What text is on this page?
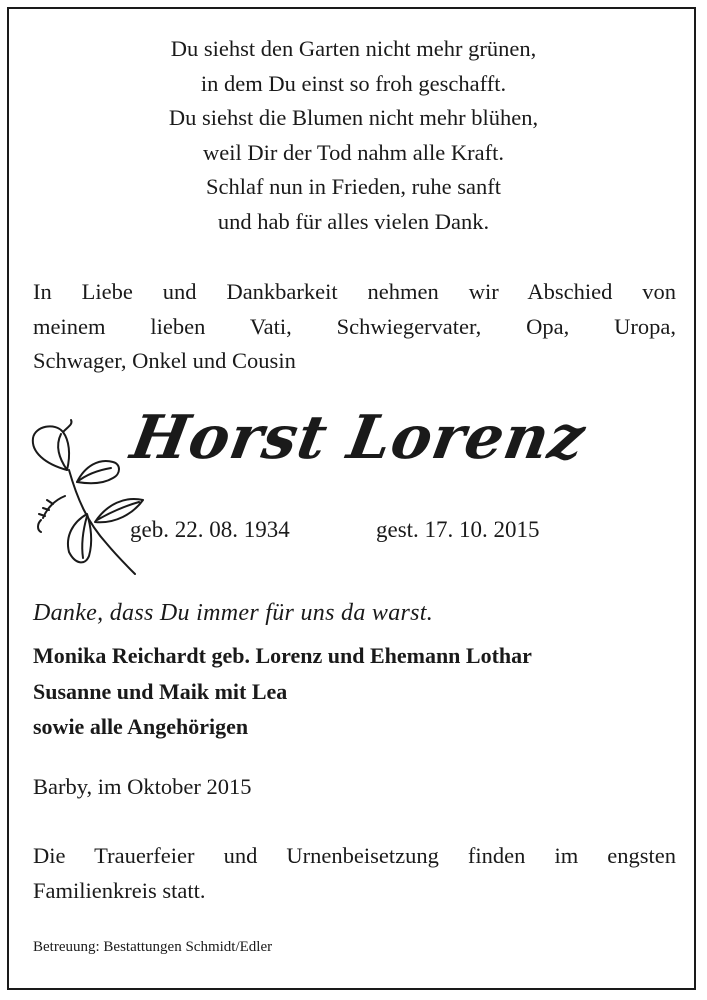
Du siehst den Garten nicht mehr grünen,
in dem Du einst so froh geschafft.
Du siehst die Blumen nicht mehr blühen,
weil Dir der Tod nahm alle Kraft.
Schlaf nun in Frieden, ruhe sanft
und hab für alles vielen Dank.
In Liebe und Dankbarkeit nehmen wir Abschied von
meinem lieben Vati, Schwiegervater, Opa, Uropa,
Schwager, Onkel und Cousin
Horst Lorenz
geb. 22. 08. 1934	gest. 17. 10. 2015
Danke, dass Du immer für uns da warst.
Monika Reichardt geb. Lorenz und Ehemann Lothar
Susanne und Maik mit Lea
sowie alle Angehörigen
Barby, im Oktober 2015
Die Trauerfeier und Urnenbeisetzung finden im engsten
Familienkreis statt.
Betreuung: Bestattungen Schmidt/Edler
